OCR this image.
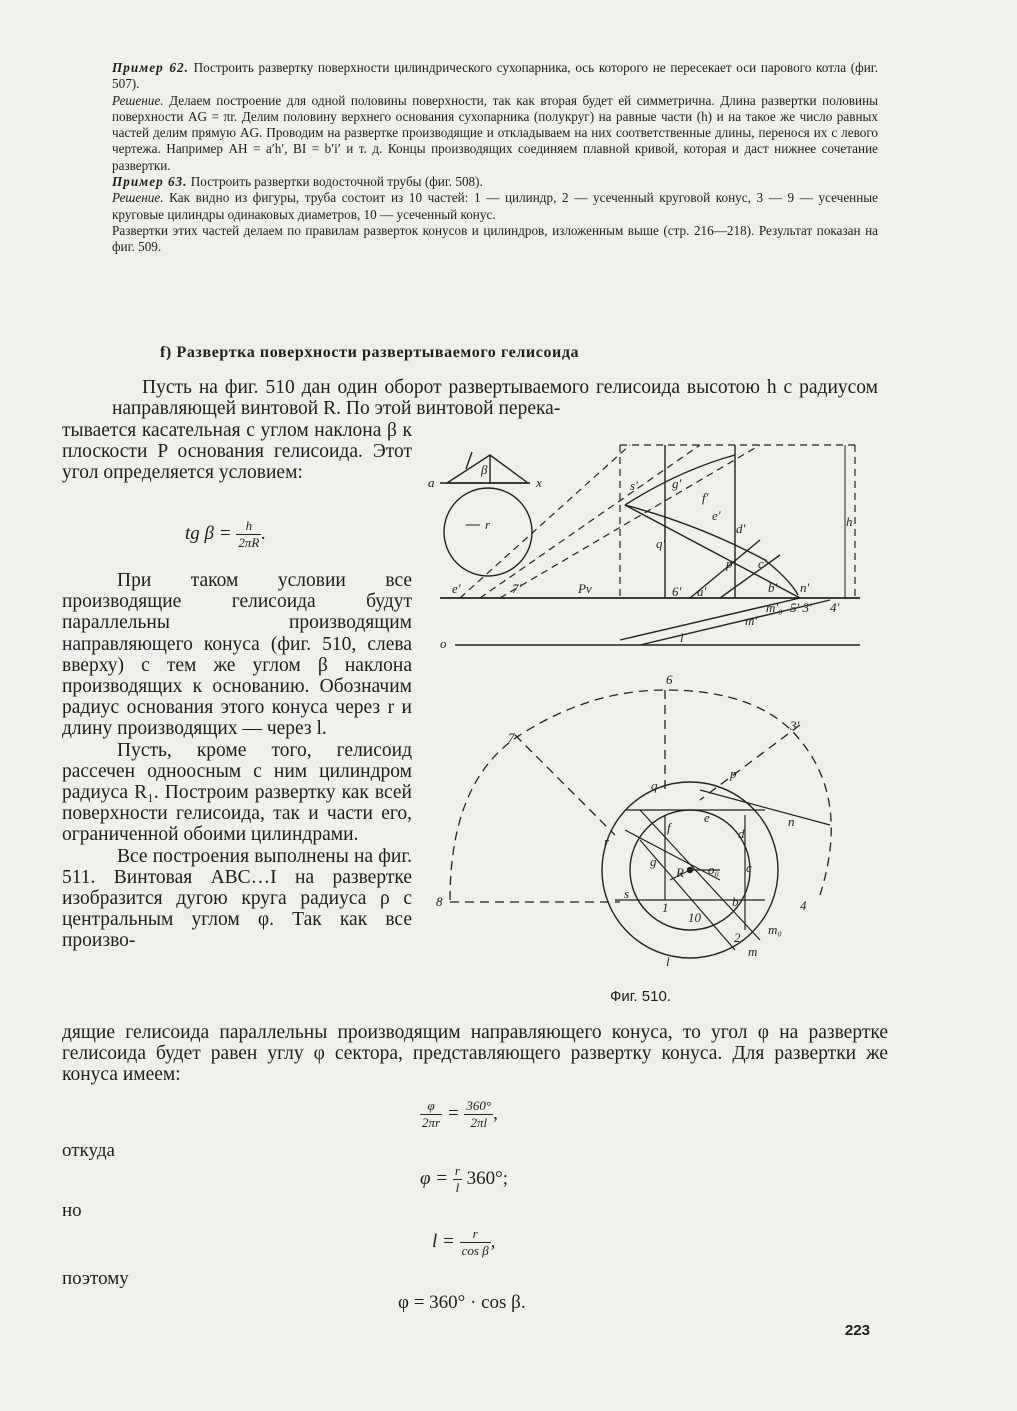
Пример 62. Построить развертку поверхности цилиндрического сухопарника, ось которого не пересекает оси парового котла (фиг. 507).

Решение. Делаем построение для одной половины поверхности, так как вторая будет ей симметрична. Длина развертки половины поверхности AG = πr. Делим половину верхнего основания сухопарника (полукруг) на равные части (h) и на такое же число равных частей делим прямую AG. Проводим на развертке производящие и откладываем на них соответственные длины, перенося их с левого чертежа. Например AH = a′h′, BI = b′i′ и т. д. Концы производящих соединяем плавной кривой, которая и даст нижнее сочетание развертки.

Пример 63. Построить развертки водосточной трубы (фиг. 508).

Решение. Как видно из фигуры, труба состоит из 10 частей: 1 — цилиндр, 2 — усеченный круговой конус, 3 — 9 — усеченные круговые цилиндры одинаковых диаметров, 10 — усеченный конус.

Развертки этих частей делаем по правилам разверток конусов и цилиндров, изложенным выше (стр. 216—218). Результат показан на фиг. 509.

f) Развертка поверхности развертываемого гелисоида

Пусть на фиг. 510 дан один оборот развертываемого гелисоида высотою h с радиусом направляющей винтовой R. По этой винтовой перека-

тывается касательная с углом наклона β к плоскости P основания гелисоида. Этот угол определяется условием:

tg $\beta = \frac{h}{2\pi R}$ .

При таком условии все производящие гелисоида будут параллельны производящим направляющего конуса (фиг. 510, слева вверху) с тем же углом β наклона производящих к основанию. Обозначим радиус основания этого конуса через r и длину производящих — через l.

Пусть, кроме того, гелисоид рассечен одноосным с ним цилиндром радиуса R₁. Построим развертку как всей поверхности гелисоида, так и части его, ограниченной обоими цилиндрами.

Все построения выполнены на фиг. 511. Винтовая ABC…I на развертке изобразится дугою круга радиуса ρ с центральным углом φ. Так как все произво-

дящие гелисоида параллельны производящим направляющего конуса, то угол φ на развертке гелисоида будет равен углу φ сектора, представляющего развертку конуса. Для развертки же конуса имеем:

$\frac{\varphi}{2\pi r} = \frac{360^\circ}{2\pi l}$ ,
откуда
$\varphi = \frac{r}{l} 360^\circ$;
но
$l = \frac{r}{\text{cos β}}$ ,
поэтому
φ = 360° · cos β.
a	x
β
r
e′	7′	Pv
h
o
s′	g′
f′
e′
d′
q′
p′ c′
b′
a′	n′
m′
m′₀
6′
4′
5′ 3′
l
R o₀
6
7
3′
8
s
g
f
e
d
c
b
q
p
r
n
l
m
m₀
2
10
4
1
Фиг. 510.
223
